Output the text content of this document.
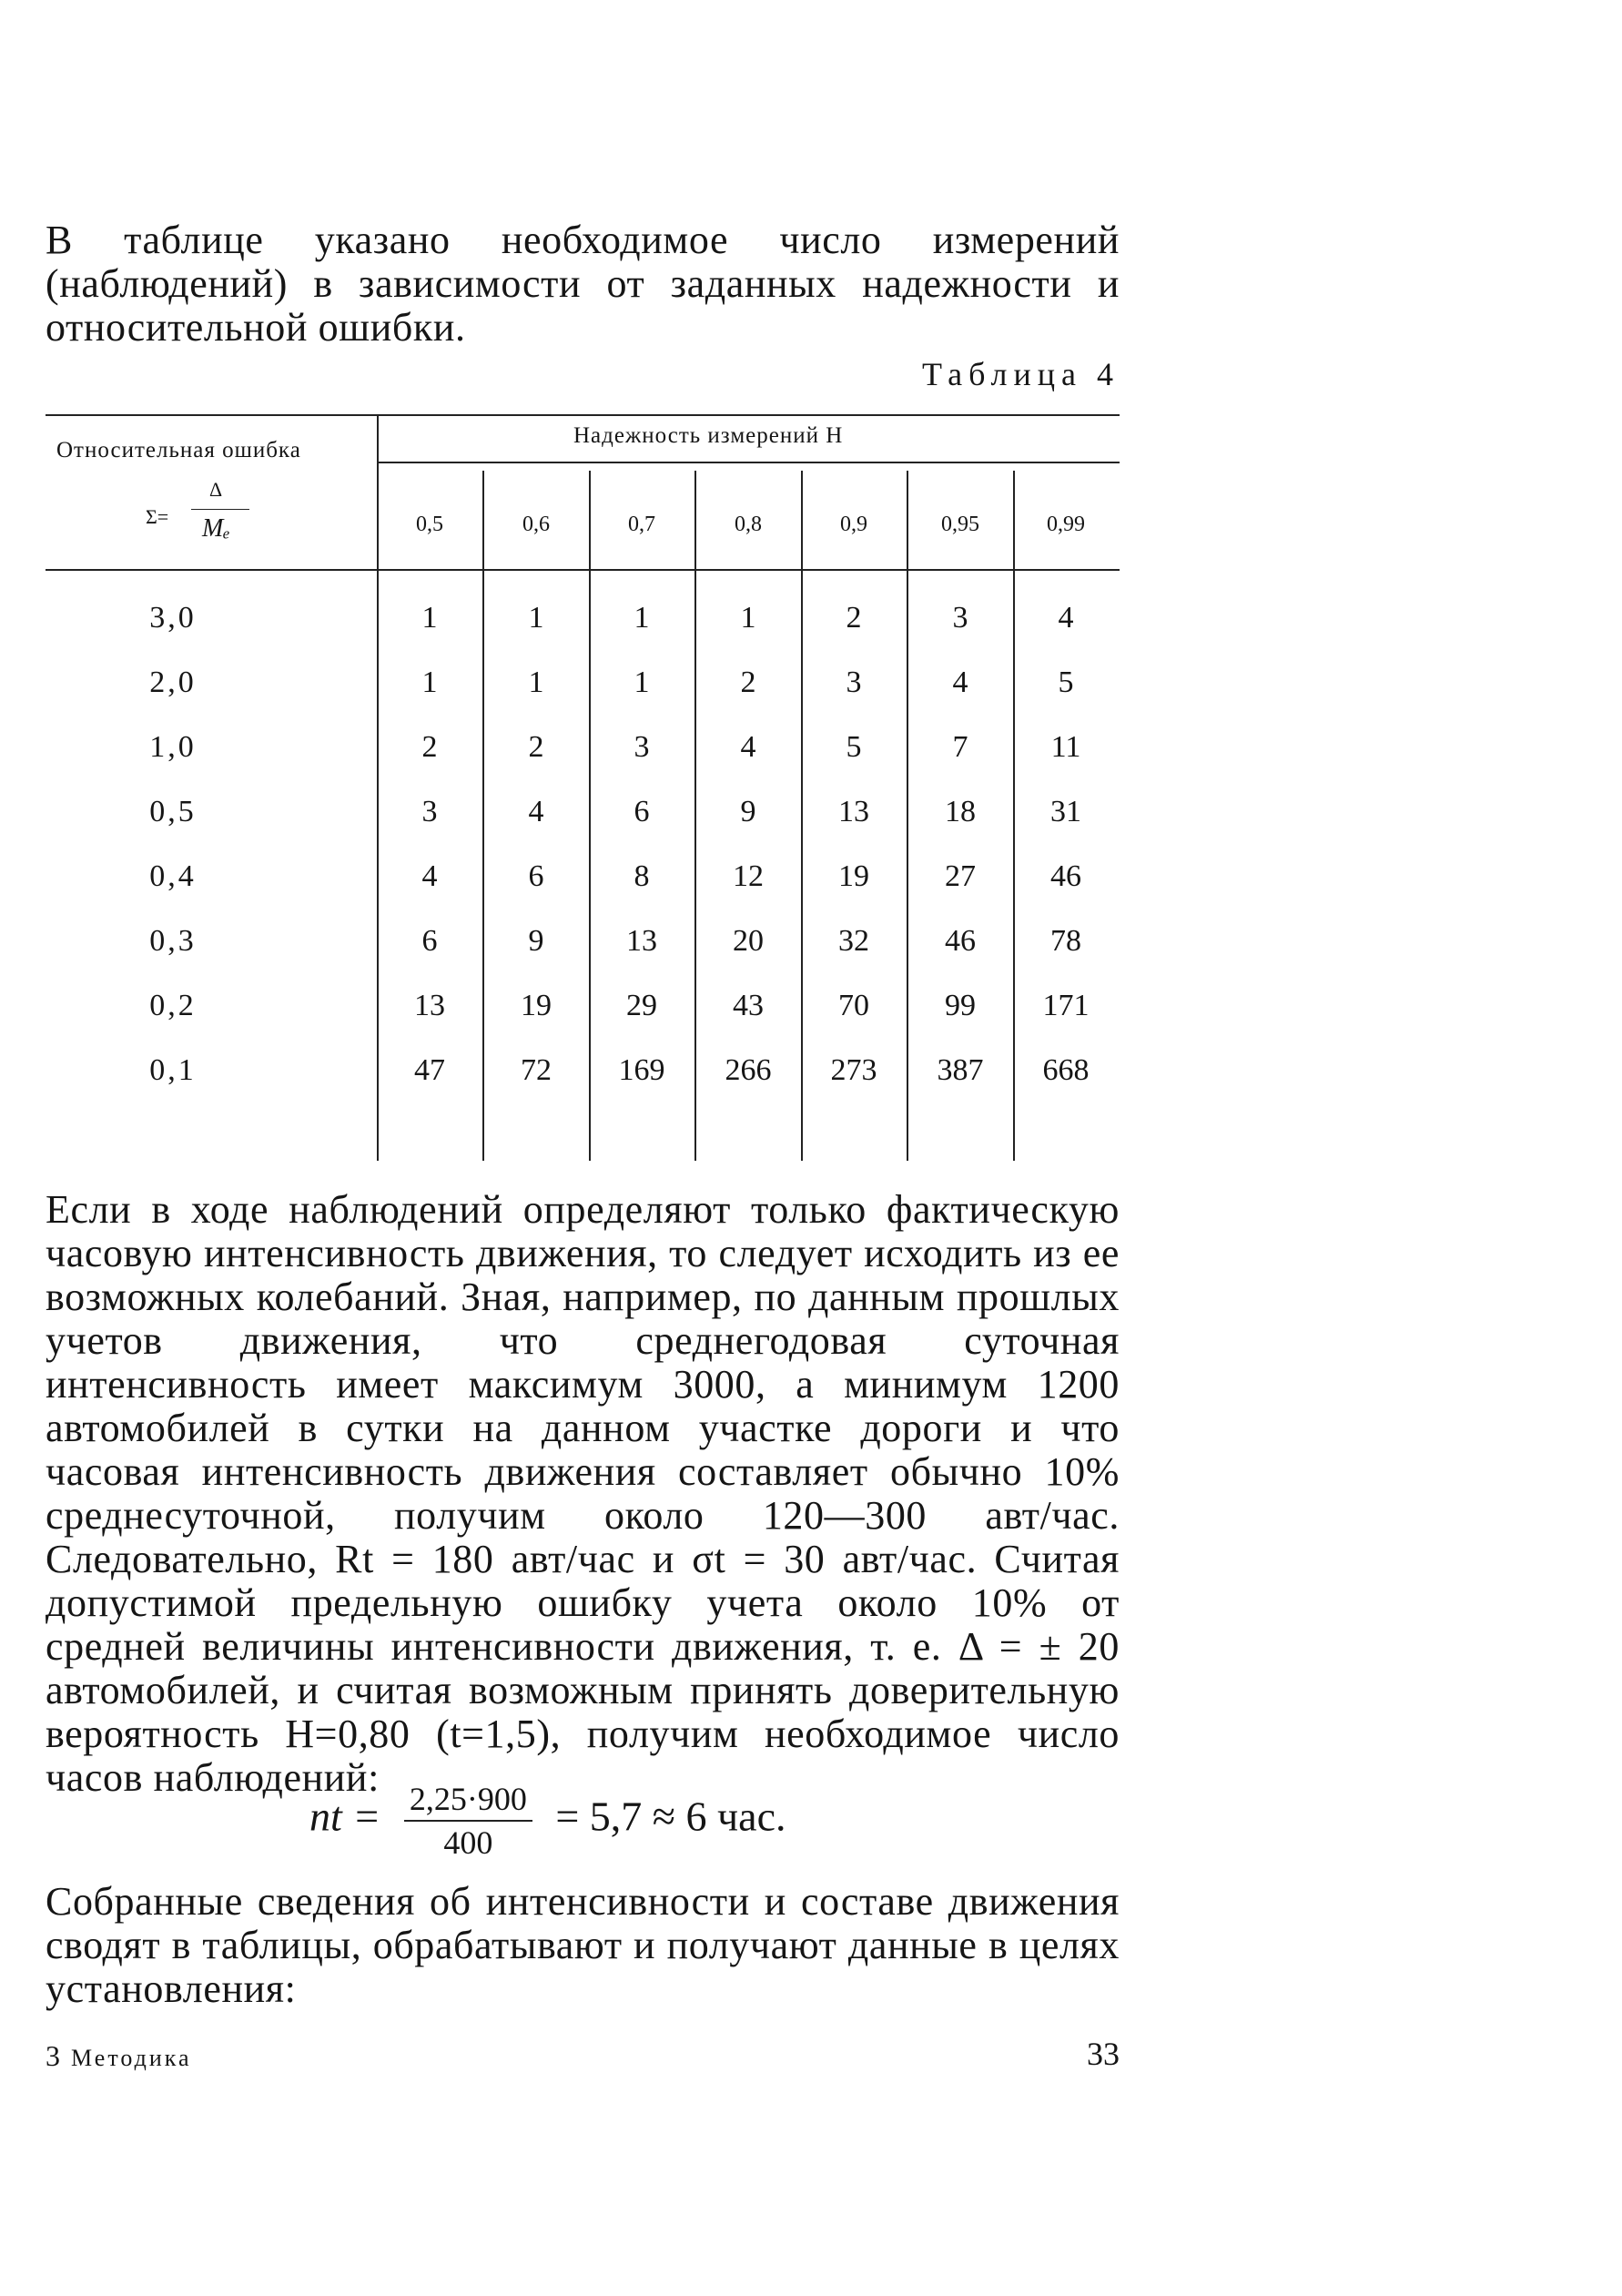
В таблице указано необходимое число измерений (наблюдений) в зависимости от заданных надежности и относительной ошибки.

Таблица 4
Относительная ошибка
Σ=
Δ
Mₑ
Надежность измерений H
0,5	0,6	0,7	0,8	0,9	0,95	0,99
3,0	1	1	1	1	2	3	4
2,0	1	1	1	2	3	4	5
1,0	2	2	3	4	5	7	11
0,5	3	4	6	9	13	18	31
0,4	4	6	8	12	19	27	46
0,3	6	9	13	20	32	46	78
0,2	13	19	29	43	70	99	171
0,1	47	72	169	266	273	387	668

Если в ходе наблюдений определяют только фактическую часовую интенсивность движения, то следует исходить из ее возможных колебаний. Зная, например, по данным прошлых учетов движения, что среднегодовая суточная интенсивность имеет максимум 3000, а минимум 1200 автомобилей в сутки на данном участке дороги и что часовая интенсивность движения составляет обычно 10% среднесуточной, получим около 120—300 авт/час. Следовательно, Rt = 180 авт/час и σt = 30 авт/час. Считая допустимой предельную ошибку учета около 10% от средней величины интенсивности движения, т. е. Δ = ± 20 автомобилей, и считая возможным принять доверительную вероятность H=0,80 (t=1,5), получим необходимое число часов наблюдений:

nt = $\frac{2,25\cdot 900}{400} = 5,7 \approx 6$ час.

Собранные сведения об интенсивности и составе движения сводят в таблицы, обрабатывают и получают данные в целях установления:

3 Методика	33
